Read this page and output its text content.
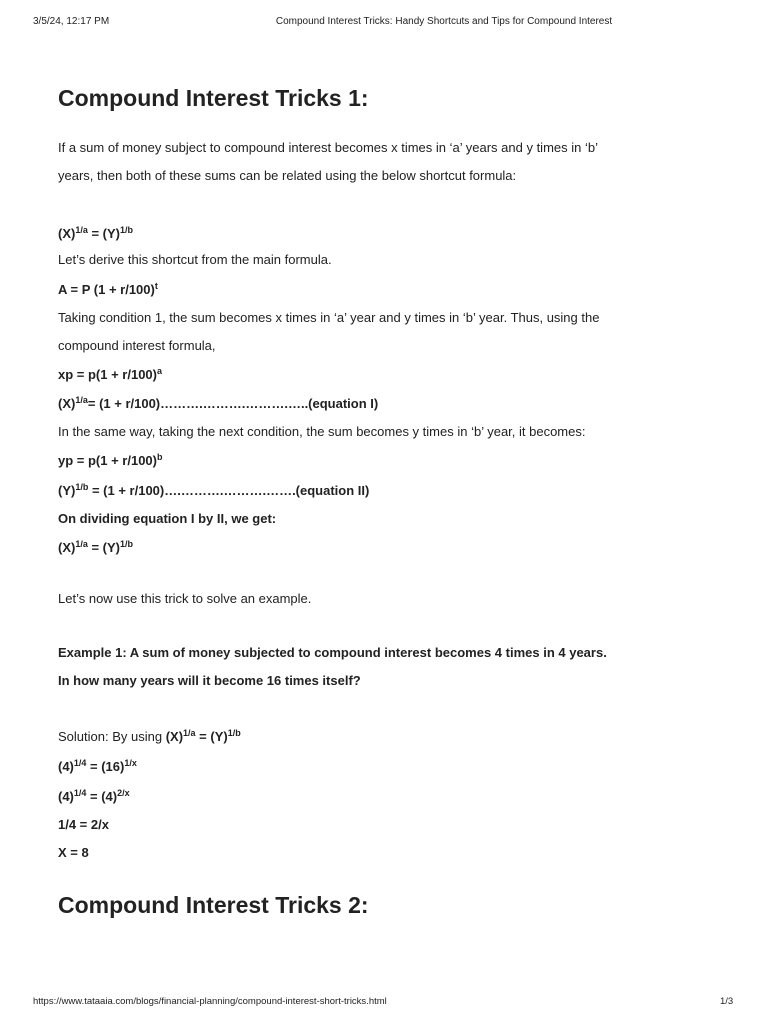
3/5/24, 12:17 PM	Compound Interest Tricks: Handy Shortcuts and Tips for Compound Interest
Compound Interest Tricks 1:
If a sum of money subject to compound interest becomes x times in ‘a’ years and y times in ‘b’
years, then both of these sums can be related using the below shortcut formula:
$(X)^{1/a} = (Y)^{1/b}$
Let’s derive this shortcut from the main formula.
A = P $(1 + r/100)^t$
Taking condition 1, the sum becomes x times in ‘a’ year and y times in ‘b’ year. Thus, using the
compound interest formula,
xp = $p(1 + r/100)^a$
$(X)^{1/a}= (1$ + r/100)……….……….……….…..(equation I)
In the same way, taking the next condition, the sum becomes y times in ‘b’ year, it becomes:
yp = $p(1 + r/100)^b$
$(Y)^{1/b} = (1$ + r/100)….……….……….…….(equation II)
On dividing equation I by II, we get:
$(X)^{1/a} = (Y)^{1/b}$
Let’s now use this trick to solve an example.
Example 1: A sum of money subjected to compound interest becomes 4 times in 4 years.
In how many years will it become 16 times itself?
Solution: By using $(X)^{1/a} = (Y)^{1/b}$
$(4)^{1/4} = (16)^{1/x}$
$(4)^{1/4} = (4)^{2/x}$
1/4 = 2/x
X = 8
Compound Interest Tricks 2:
https://www.tataaia.com/blogs/financial-planning/compound-interest-short-tricks.html	1/3
